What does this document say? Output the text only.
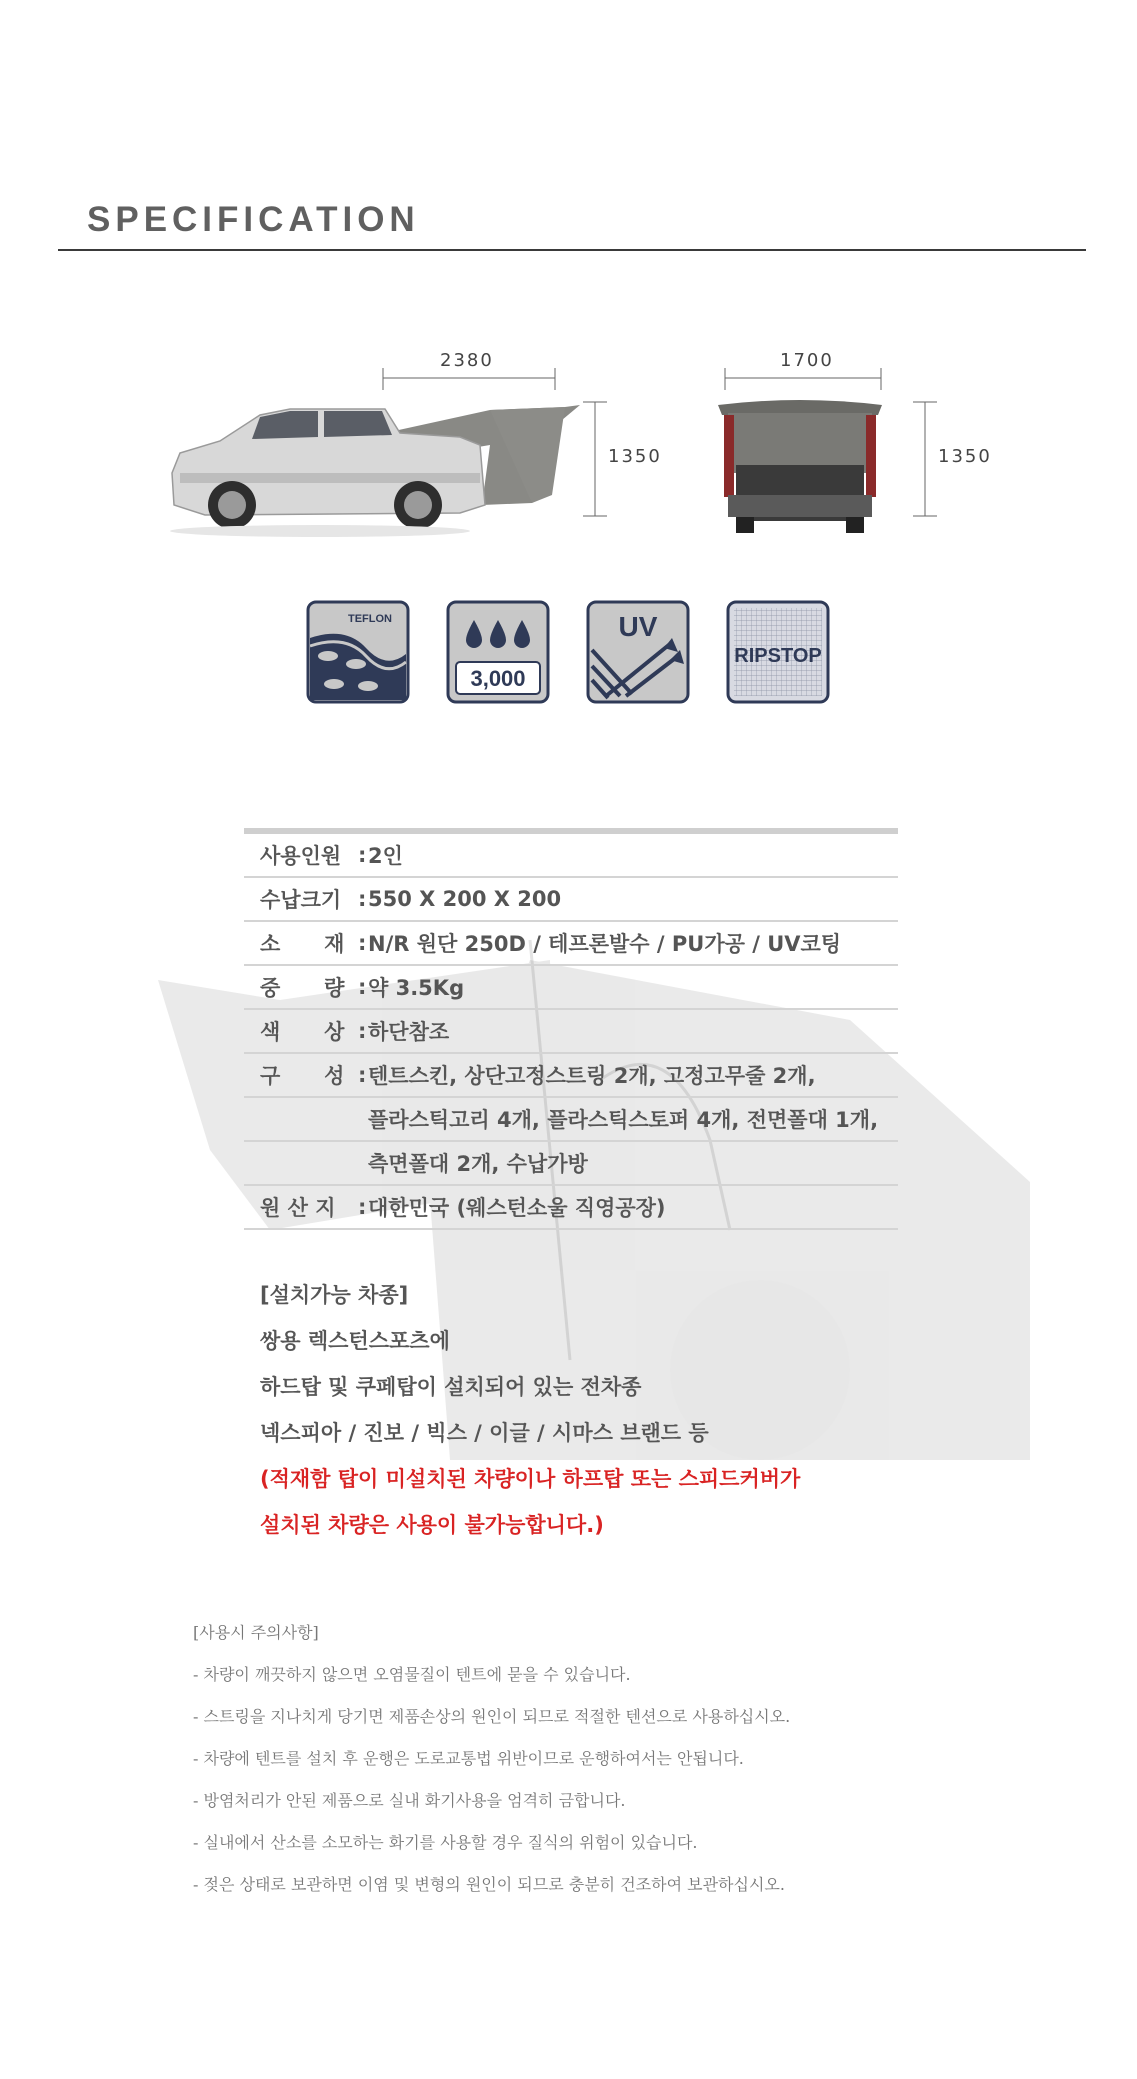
SPECIFICATION
2380
1350
1700
1350
TEFLON
3,000
UV
RIPSTOP
사용인원 : 2인
수납크기 : 550 X 200 X 200
소      재 : N/R 원단 250D / 테프론발수 / PU가공 / UV코팅
중      량 : 약 3.5Kg
색      상 : 하단참조
구      성 : 텐트스킨, 상단고정스트링 2개, 고정고무줄 2개,
플라스틱고리 4개, 플라스틱스토퍼 4개, 전면폴대 1개,
측면폴대 2개, 수납가방
원 산 지	: 대한민국 (웨스턴소울 직영공장)
[설치가능 차종]
쌍용 렉스턴스포츠에
하드탑 및 쿠페탑이 설치되어 있는 전차종
넥스피아 / 진보 / 빅스 / 이글 / 시마스 브랜드 등
(적재함 탑이 미설치된 차량이나 하프탑 또는 스피드커버가
설치된 차량은 사용이 불가능합니다.)
[사용시 주의사항]
- 차량이 깨끗하지 않으면 오염물질이 텐트에 묻을 수 있습니다.
- 스트링을 지나치게 당기면 제품손상의 원인이 되므로 적절한 텐션으로 사용하십시오.
- 차량에 텐트를 설치 후 운행은 도로교통법 위반이므로 운행하여서는 안됩니다.
- 방염처리가 안된 제품으로 실내 화기사용을 엄격히 금합니다.
- 실내에서 산소를 소모하는 화기를 사용할 경우 질식의 위험이 있습니다.
- 젖은 상태로 보관하면 이염 및 변형의 원인이 되므로 충분히 건조하여 보관하십시오.
